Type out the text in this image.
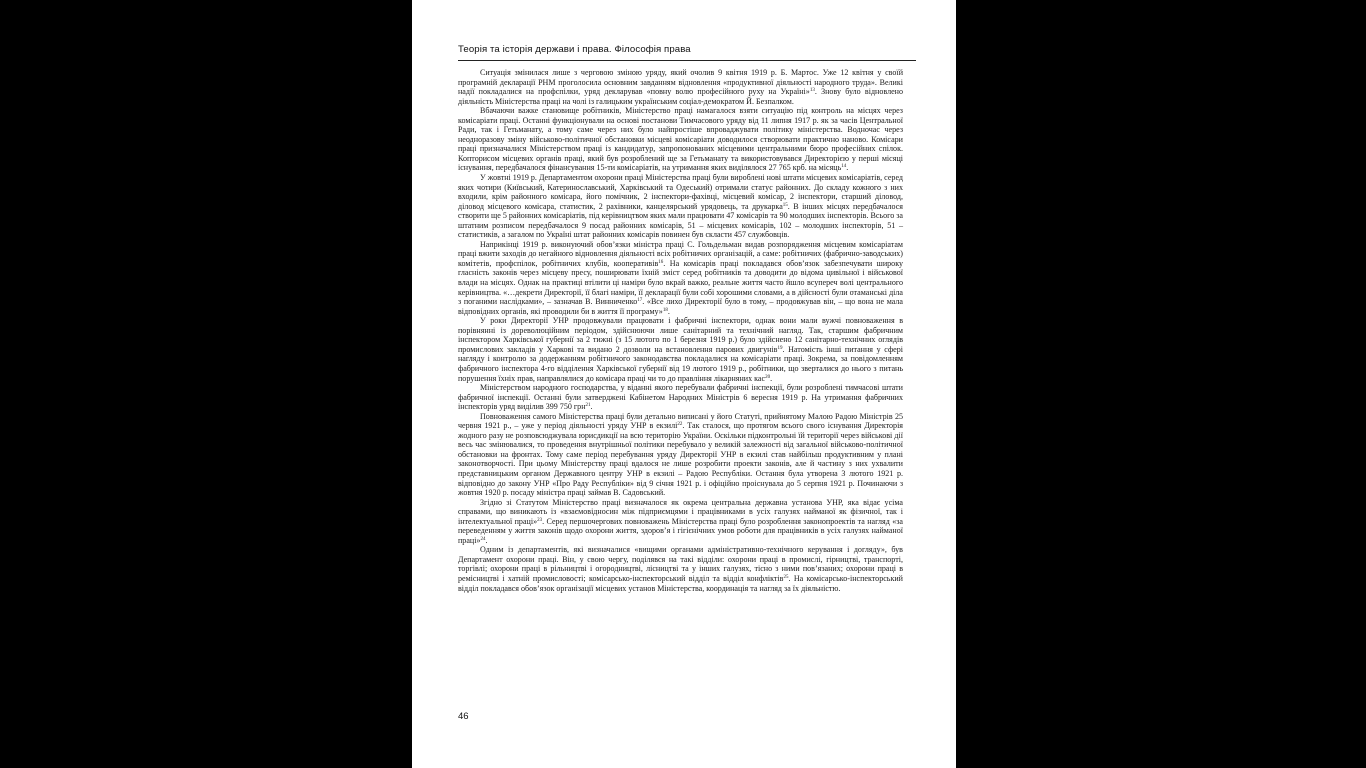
Теорія та історія держави і права. Філософія права

Ситуація змінилася лише з черговою зміною уряду, який очолив 9 квітня 1919 р. Б. Мартос. Уже 12 квітня у своїй програмній декларації РНМ проголосила основним завданням відновлення «продуктивної діяльності народного труда». Великі надії покладалися на профспілки, уряд декларував «повну волю професійного руху на Україні»$^{13}$. Знову було відновлено діяльність Міністерства праці на чолі із галицьким українським соціал-демократом Й. Безпалком.

Вбачаючи важке становище робітників, Міністерство праці намагалося взяти ситуацію під контроль на місцях через комісаріати праці. Останні функціонували на основі постанови Тимчасового уряду від 11 липня 1917 р. як за часів Центральної Ради, так і Гетьманату, а тому саме через них було найпростіше впроваджувати політику міністерства. Водночас через неодноразову зміну військово-політичної обстановки місцеві комісаріати доводилося створювати практично наново. Комісари праці призначалися Міністерством праці із кандидатур, запропонованих місцевими центральними бюро професійних спілок. Копторисом місцевих органів праці, який був розроблений ще за Гетьманату та використовувався Директорією у перші місяці існування, передбачалося фінансування 15-ти комісаріатів, на утримання яких виділялося 27 765 крб. на місяць$^{14}$.

У жовтні 1919 р. Департаментом охорони праці Міністерства праці були вироблені нові штати місцевих комісаріатів, серед яких чотири (Київський, Катеринославський, Харківський та Одеський) отримали статус районних. До складу кожного з них входили, крім районного комісара, його помічник, 2 інспектори-фахівці, місцевий комісар, 2 інспектори, старший діловод, діловод місцевого комісара, статистик, 2 рахівники, канцелярський урядовець, та друкарка$^{15}$. В інших місцях передбачалося створити ще 5 районних комісаріатів, під керівництвом яких мали працювати 47 комісарів та 90 молодших інспекторів. Всього за штатним розписом передбачалося 9 посад районних комісарів, 51 – місцевих комісарів, 102 – молодших інспекторів, 51 – статистиків, а загалом по Україні штат районних комісарів повинен був скласти 457 службовців.

Наприкінці 1919 р. виконуючий обов’язки міністра праці С. Гольдельман видав розпорядження місцевим комісаріатам праці вжити заходів до негайного відновлення діяльності всіх робітничих організацій, а саме: робітничих (фабрично-заводських) комітетів, профспілок, робітничих клубів, кооперативів$^{16}$. На комісарів праці покладався обов’язок забезпечувати широку гласність законів через місцеву пресу, поширювати їхній зміст серед робітників та доводити до відома цивільної і військової влади на місцях. Однак на практиці втілити ці наміри було вкрай важко, реальне життя часто йшло всупереч волі центрального керівництва. «…декрети Директорії, її благі наміри, її декларації були собі хорошими словами, а в дійсності були отаманські діла з поганими наслідками», – зазначав В. Винниченко$^{17}$. «Все лихо Директорії було в тому, – продовжував він, – що вона не мала відповідних органів, які проводили би в життя її програму»$^{18}$.

У роки Директорії УНР продовжували працювати і фабричні інспектори, однак вони мали вужчі повноваження в порівнянні із дореволюційним періодом, здійснюючи лише санітарний та технічний нагляд. Так, старшим фабричним інспектором Харківської губернії за 2 тижні (з 15 лютого по 1 березня 1919 р.) було здійснено 12 санітарно-технічних оглядів промислових закладів у Харкові та видано 2 дозволи на встановлення парових двигунів$^{19}$. Натомість інші питання у сфері нагляду і контролю за додержанням робітничого законодавства покладалися на комісаріати праці. Зокрема, за повідомленням фабричного інспектора 4-го відділення Харківської губернії від 19 лютого 1919 р., робітники, що зверталися до нього з питань порушення їхніх прав, направлялися до комісара праці чи то до правління лікарняних кас$^{20}$.

Міністерством народного господарства, у віданні якого перебували фабричні інспекції, були розроблені тимчасові штати фабричної інспекції. Останні були затверджені Кабінетом Народних Міністрів 6 вересня 1919 р. На утримання фабричних інспекторів уряд виділив 399 750 грн$^{21}$.

Повноваження самого Міністерства праці були детально виписані у його Статуті, прийнятому Малою Радою Міністрів 25 червня 1921 р., – уже у період діяльності уряду УНР в екзилі$^{22}$. Так сталося, що протягом всього свого існування Директорія жодного разу не розповсюджувала юрисдикції на всю територію України. Оскільки підконтрольні їй території через військові дії весь час змінювалися, то проведення внутрішньої політики перебувало у великій залежності від загальної військово-політичної обстановки на фронтах. Тому саме період перебування уряду Директорії УНР в екзилі став найбільш продуктивним у плані законотворчості. При цьому Міністерству праці вдалося не лише розробити проекти законів, але й частину з них ухвалити представницьким органом Державного центру УНР в екзилі – Радою Республіки. Остання була утворена 3 лютого 1921 р. відповідно до закону УНР «Про Раду Республіки» від 9 січня 1921 р. і офіційно проіснувала до 5 серпня 1921 р. Починаючи з жовтня 1920 р. посаду міністра праці займав В. Садовський.

Згідно зі Статутом Міністерство праці визначалося як окрема центральна державна установа УНР, яка відає усіма справами, що виникають із «взаємовідносин між підприємцями і працівниками в усіх галузях найманої як фізичної, так і інтелектуальної праці»$^{23}$. Серед першочергових повноважень Міністерства праці було розроблення законопроектів та нагляд «за переведенням у життя законів щодо охорони життя, здоров’я і гігієнічних умов роботи для працівників в усіх галузях найманої праці»$^{24}$.

Одним із департаментів, які визначалися «вищими органами адміністративно-технічного керування і догляду», був Департамент охорони праці. Він, у свою чергу, поділявся на такі відділи: охорони праці в промислі, гірництві, транспорті, торгівлі; охорони праці в рільництві і огородництві, лісництві та у інших галузях, тісно з ними пов’язаних; охорони праці в ремісництві і хатній промисловості; комісарсько-інспекторський відділ та відділ конфліктів$^{25}$. На комісарсько-інспекторський відділ покладався обов’язок організації місцевих установ Міністерства, координація та нагляд за їх діяльністю.

46
